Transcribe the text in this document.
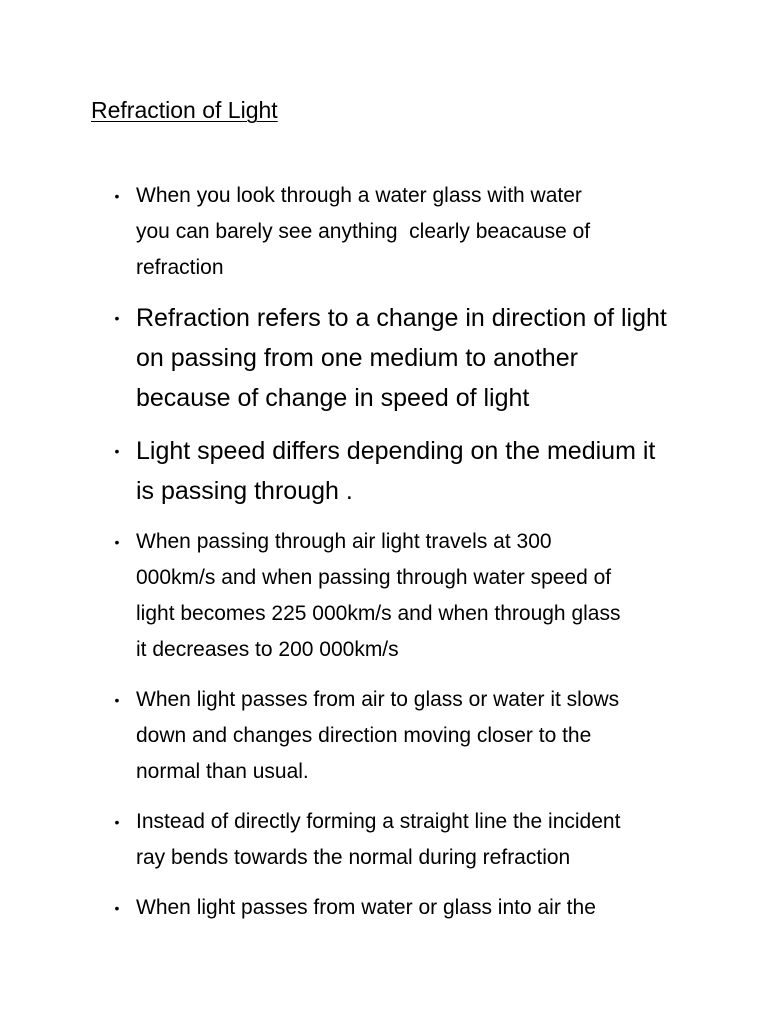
Refraction of Light
• When you look through a water glass with water
you can barely see anything  clearly beacause of
refraction
• Refraction refers to a change in direction of light
on passing from one medium to another
because of change in speed of light
• Light speed differs depending on the medium it
is passing through .
• When passing through air light travels at 300
000km/s and when passing through water speed of
light becomes 225 000km/s and when through glass
it decreases to 200 000km/s
• When light passes from air to glass or water it slows
down and changes direction moving closer to the
normal than usual.
• Instead of directly forming a straight line the incident
ray bends towards the normal during refraction
• When light passes from water or glass into air the
